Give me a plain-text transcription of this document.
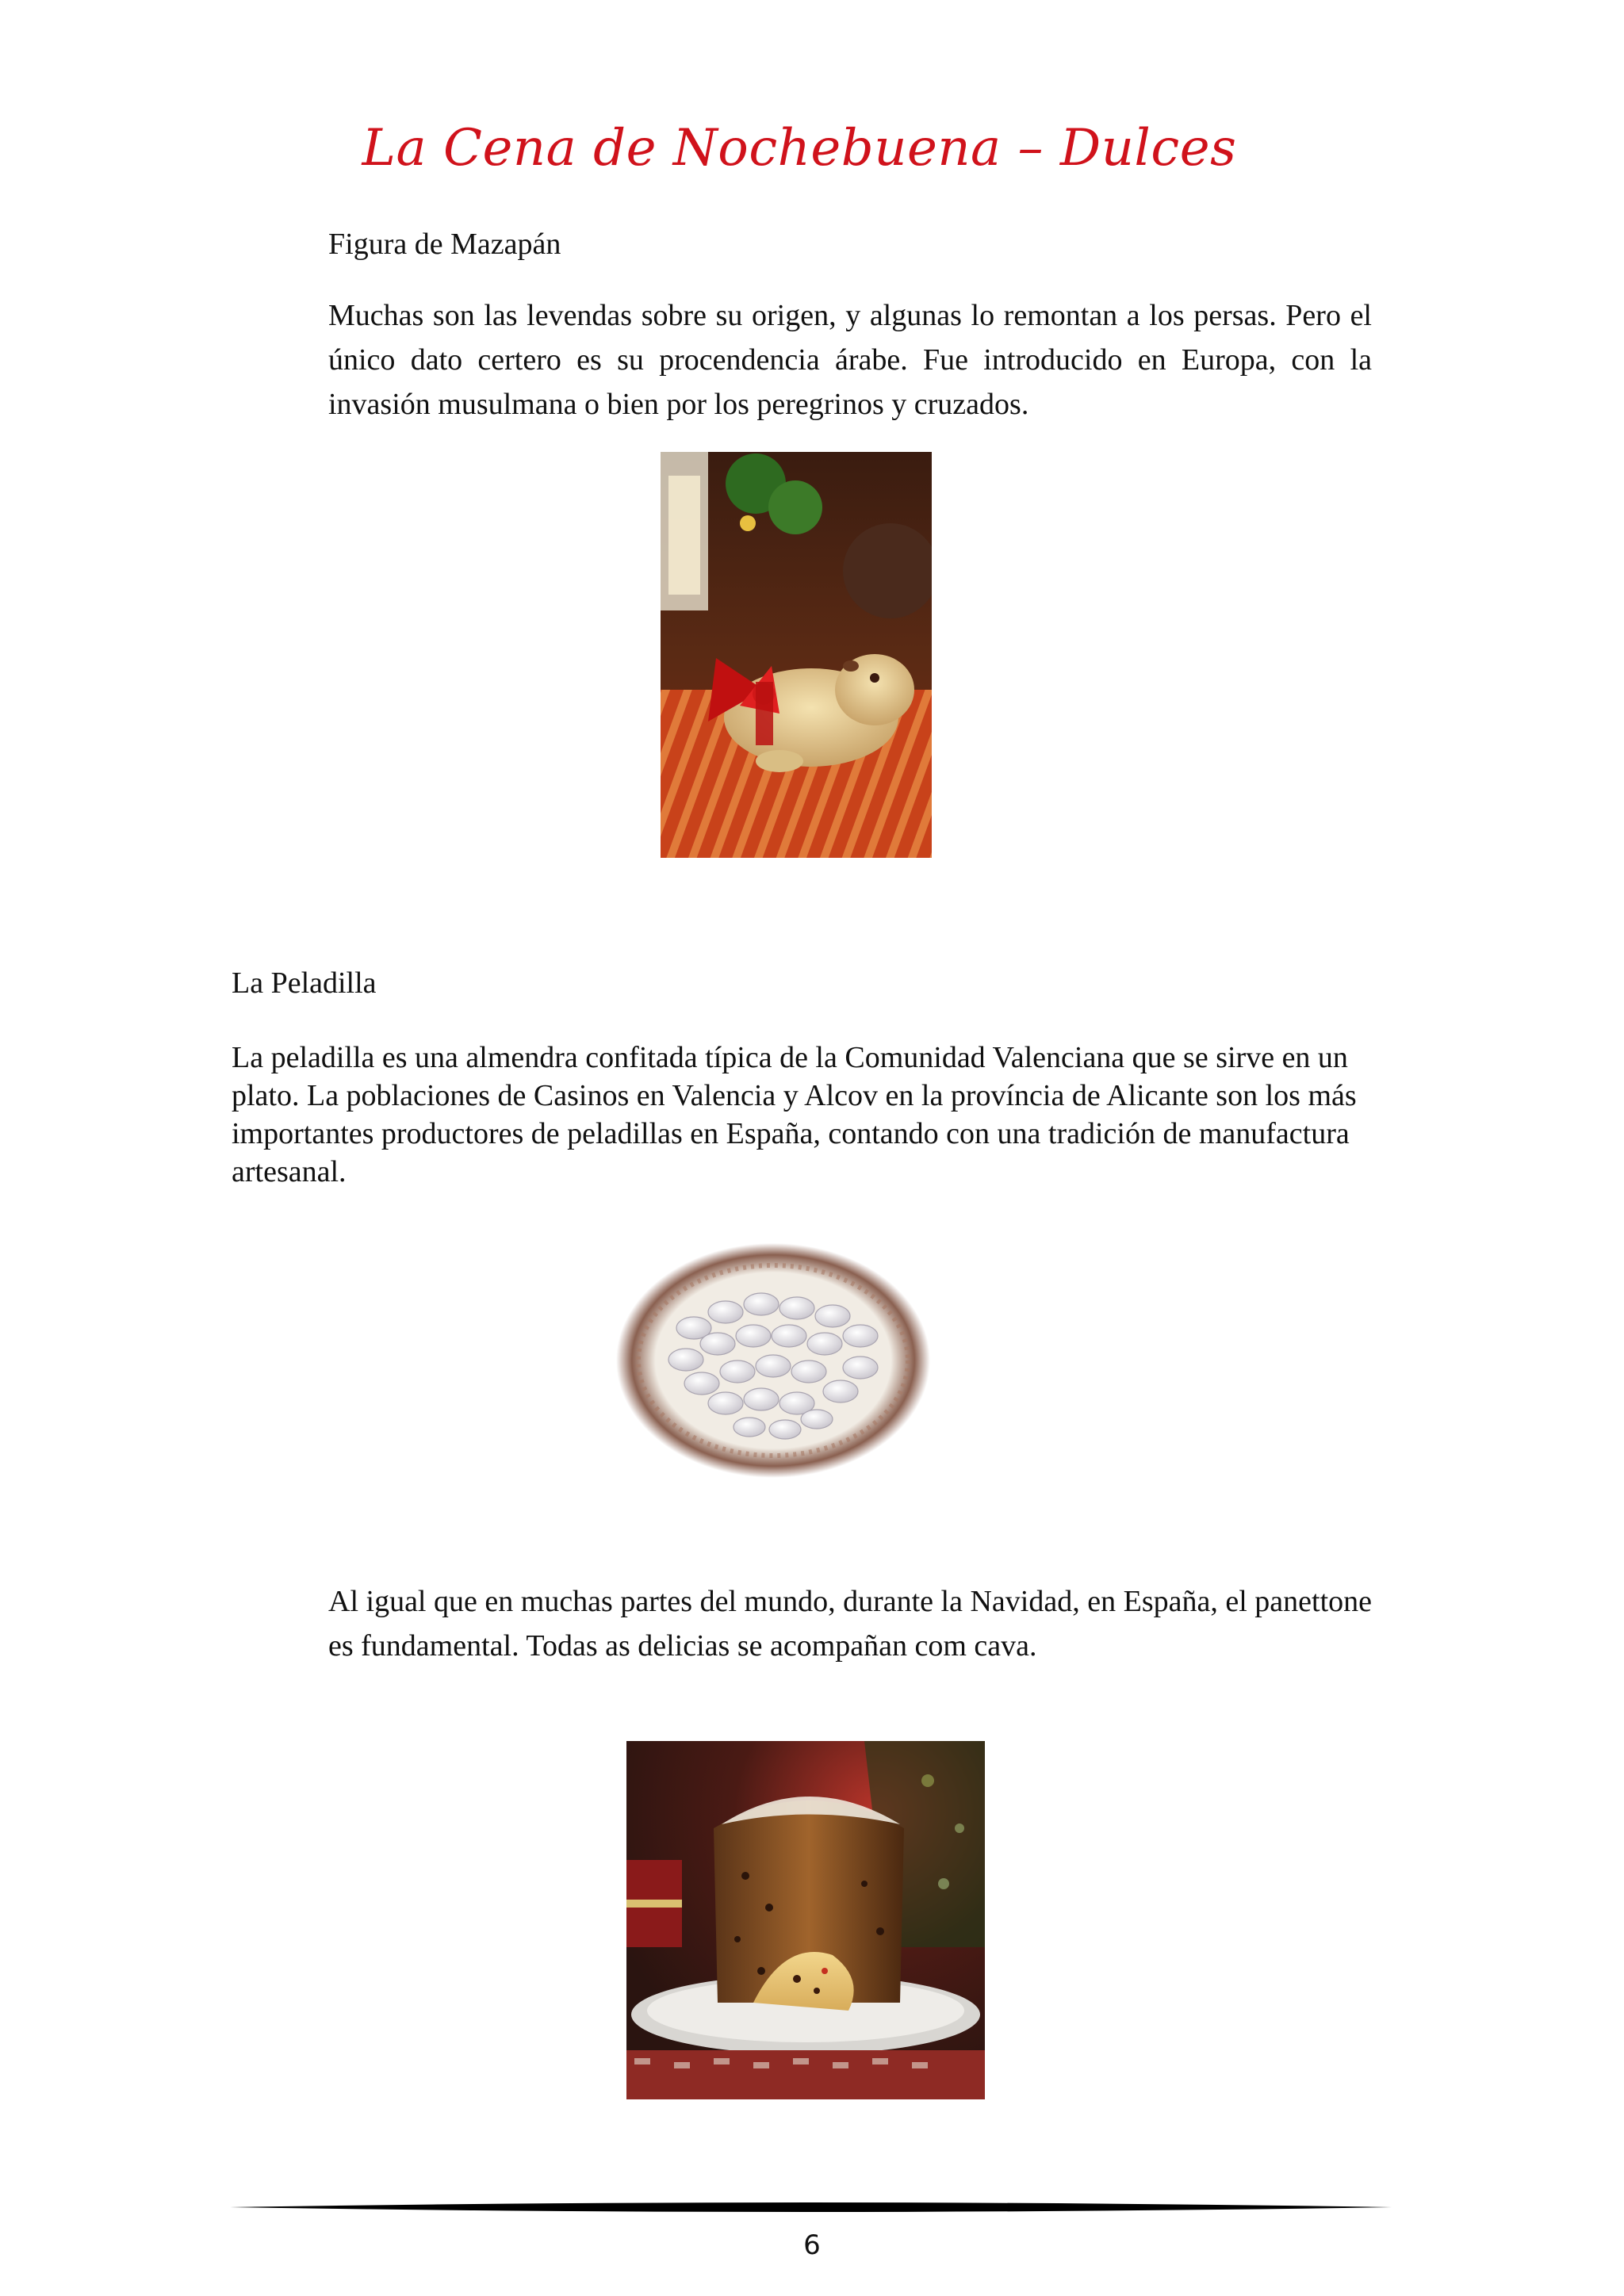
La Cena de Nochebuena – Dulces
Figura de Mazapán
Muchas son las levendas sobre su origen, y algunas lo remontan a los persas. Pero el único dato certero es su procendencia árabe. Fue introducido en Europa, con la invasión musulmana o bien por los peregrinos y cruzados.
La Peladilla
La peladilla es una almendra confitada típica de la Comunidad Valenciana que se sirve en un plato. La poblaciones de Casinos en Valencia y Alcov en la província de Alicante son los más importantes productores de peladillas en España, contando con una tradición de manufactura artesanal.
Al igual que en muchas partes del mundo, durante la Navidad, en España, el panettone es fundamental. Todas as delicias se acompañan com cava.
6
